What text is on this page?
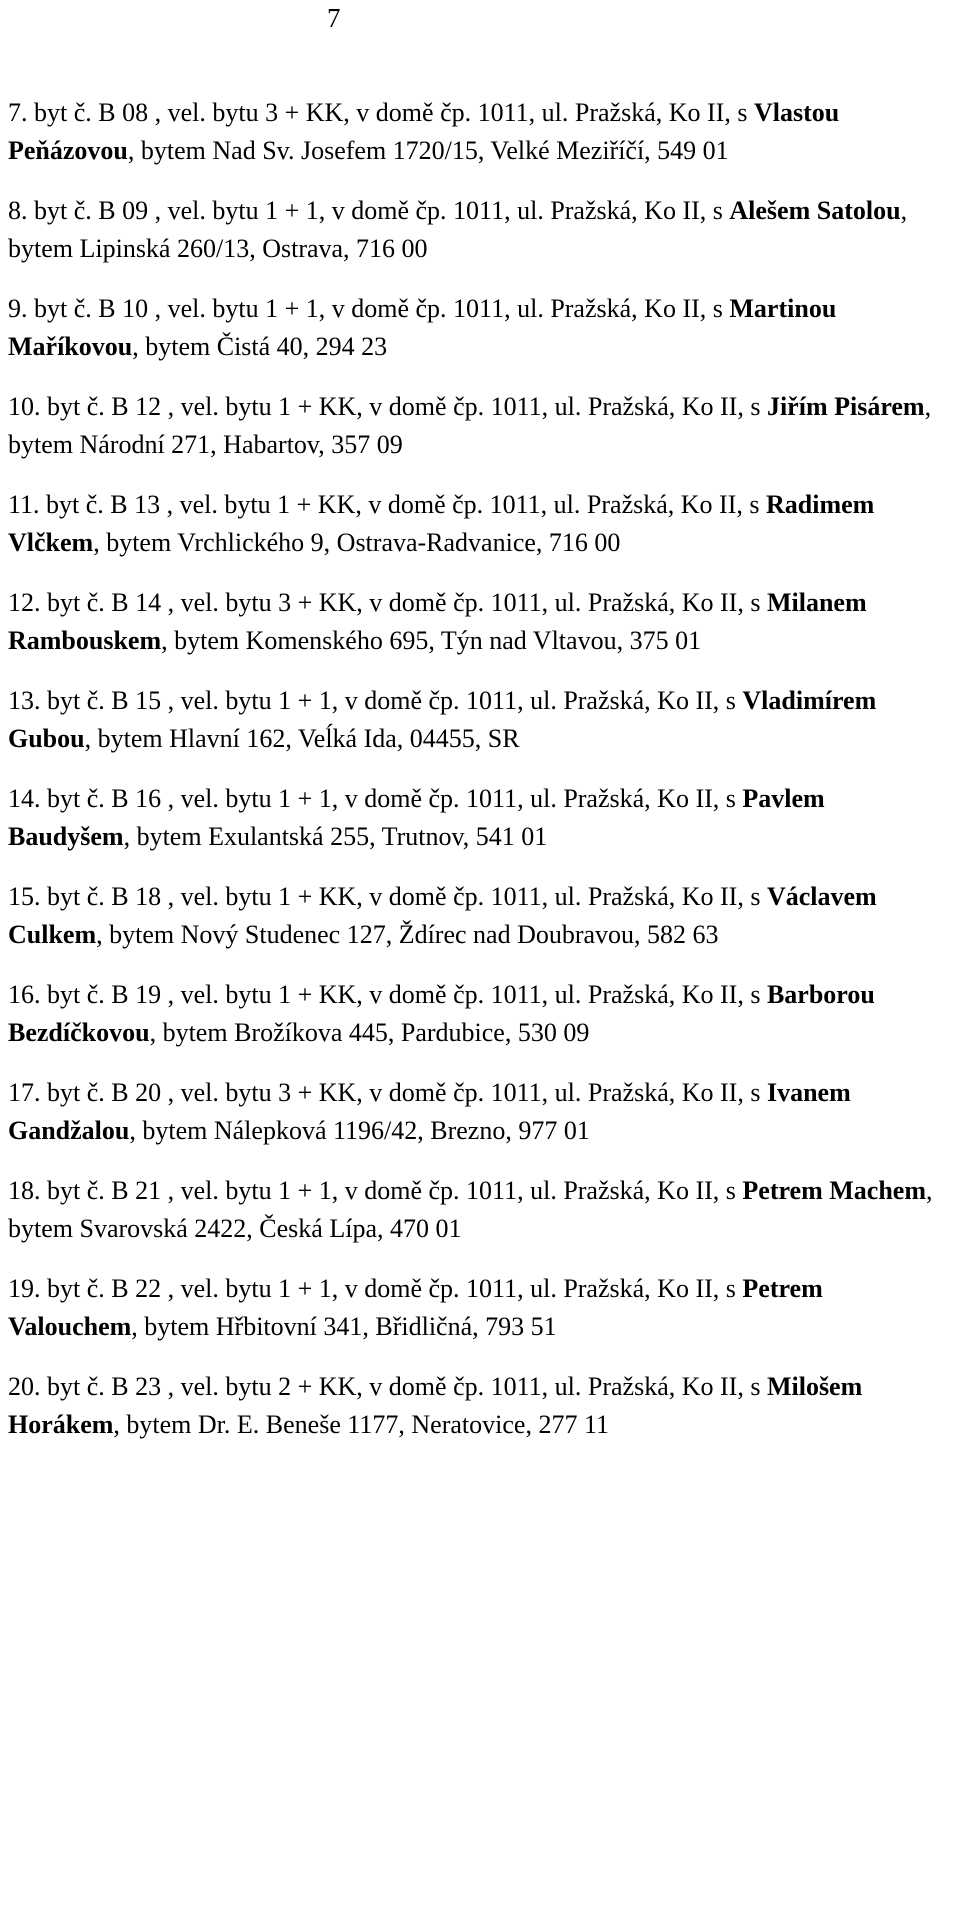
7
7. byt č. B 08 , vel. bytu 3 + KK, v domě čp. 1011, ul. Pražská, Ko II, s Vlastou Peňázovou, bytem Nad Sv. Josefem 1720/15, Velké Meziříčí, 549 01
8. byt č. B 09 , vel. bytu 1 + 1, v domě čp. 1011, ul. Pražská, Ko II, s Alešem Satolou, bytem Lipinská 260/13, Ostrava, 716 00
9. byt č. B 10 , vel. bytu 1 + 1, v domě čp. 1011, ul. Pražská, Ko II, s Martinou Maříkovou, bytem Čistá 40, 294 23
10. byt č. B 12 , vel. bytu 1 + KK, v domě čp. 1011, ul. Pražská, Ko II, s Jiřím Pisárem, bytem Národní 271, Habartov, 357 09
11. byt č. B 13 , vel. bytu 1 + KK, v domě čp. 1011, ul. Pražská, Ko II, s Radimem Vlčkem, bytem Vrchlického 9, Ostrava-Radvanice, 716 00
12. byt č. B 14 , vel. bytu 3 + KK, v domě čp. 1011, ul. Pražská, Ko II, s Milanem Rambouskem, bytem Komenského 695, Týn nad Vltavou, 375 01
13. byt č. B 15 , vel. bytu 1 + 1, v domě čp. 1011, ul. Pražská, Ko II, s Vladimírem Gubou, bytem Hlavní 162, Veĺká Ida, 04455, SR
14. byt č. B 16 , vel. bytu 1 + 1, v domě čp. 1011, ul. Pražská, Ko II, s Pavlem Baudyšem, bytem Exulantská 255, Trutnov, 541 01
15. byt č. B 18 , vel. bytu 1 + KK, v domě čp. 1011, ul. Pražská, Ko II, s Václavem Culkem, bytem Nový Studenec 127, Ždírec nad Doubravou, 582 63
16. byt č. B 19 , vel. bytu 1 + KK, v domě čp. 1011, ul. Pražská, Ko II, s Barborou Bezdíčkovou, bytem Brožíkova 445, Pardubice, 530 09
17. byt č. B 20 , vel. bytu 3 + KK, v domě čp. 1011, ul. Pražská, Ko II, s Ivanem Gandžalou, bytem Nálepková 1196/42, Brezno, 977 01
18. byt č. B 21 , vel. bytu 1 + 1, v domě čp. 1011, ul. Pražská, Ko II, s Petrem Machem, bytem Svarovská 2422, Česká Lípa, 470 01
19. byt č. B 22 , vel. bytu 1 + 1, v domě čp. 1011, ul. Pražská, Ko II, s Petrem Valouchem, bytem Hřbitovní 341, Břidličná, 793 51
20. byt č. B 23 , vel. bytu 2 + KK, v domě čp. 1011, ul. Pražská, Ko II, s Milošem Horákem, bytem Dr. E. Beneše 1177, Neratovice, 277 11
